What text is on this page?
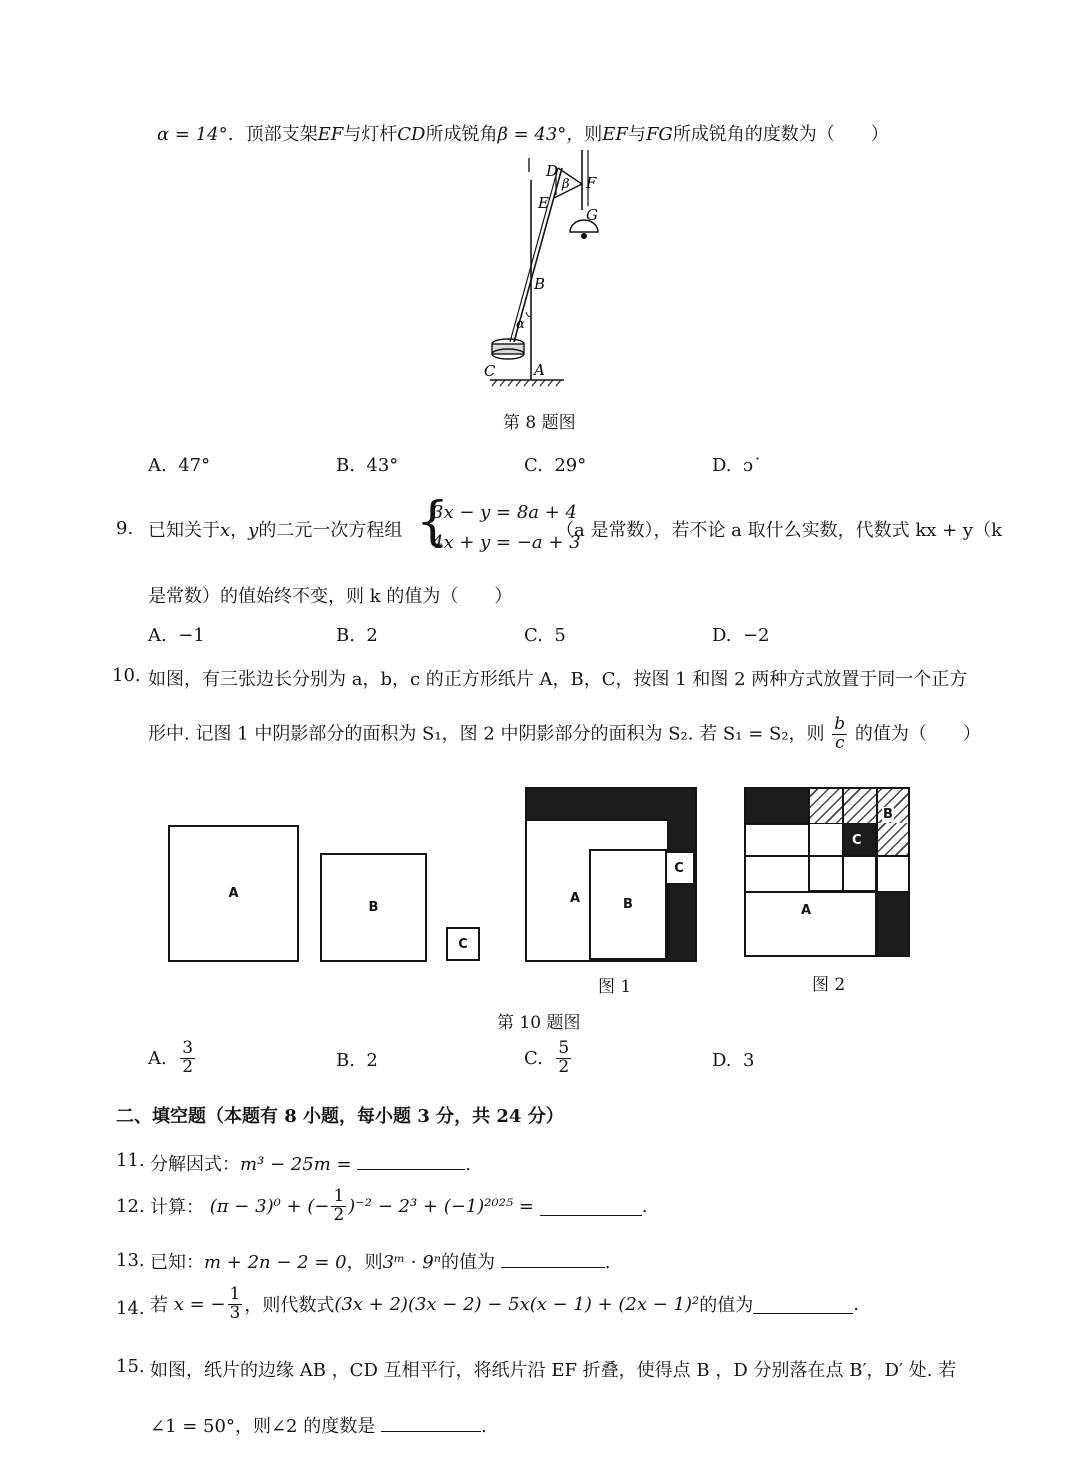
α = 14°．顶部支架EF与灯杆CD所成锐角β = 43°，则EF与FG所成锐角的度数为（　　）
D
β F
E
G
B
α
C	A
第 8 题图
A. 47°	B. 43°	C. 29°	D. ɔ˙
9. 已知关于x，y的二元一次方程组 {
3x − y = 8a + 4
4x + y = −a + 3
（a 是常数），若不论 a 取什么实数，代数式 kx + y（k
是常数）的值始终不变，则 k 的值为（　　）
A. −1	B. 2	C. 5	D. −2
10. 如图，有三张边长分别为 a，b，c 的正方形纸片 A，B，C，按图 1 和图 2 两种方式放置于同一个正方
形中. 记图 1 中阴影部分的面积为 S₁，图 2 中阴影部分的面积为 S₂. 若 S₁ = S₂，则 $\frac{b}{c}$ 的值为（　　）
A
B
C
C
A	B
图 1
B
C
A
图 2
第 10 题图
A.
$\frac{3}{2}$	B. 2	C.
$\frac{5}{2}$	D. 3
二、填空题（本题有 8 小题，每小题 3 分，共 24 分）
11. 分解因式：m³ − 25m =	.
12. 计算：
(π − 3)⁰ + (− $\frac{1}{2} )^{-2} - 2^3 + (-1)^{2025}$ =
	.
13. 已知：m + 2n − 2 = 0，则3ᵐ · 9ⁿ的值为	.
14. 若
x = − $\frac{1}{3}$ ，则代数式 (3x + 2)(3x − 2) − 5x(x − 1) + (2x − 1)² 的值为	.
15. 如图，纸片的边缘 AB ，CD 互相平行，将纸片沿 EF 折叠，使得点 B ，D 分别落在点 B′，D′ 处. 若
∠1 = 50°，则∠2 的度数是	.
